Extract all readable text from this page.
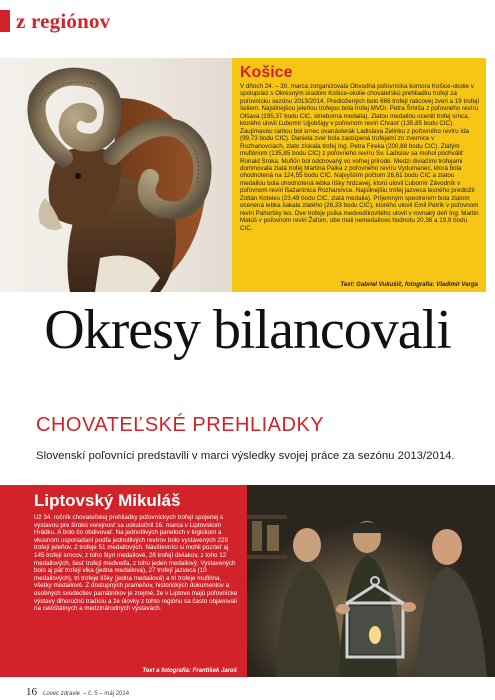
z regiónov
Košice
V dňoch 24. – 30. marca zorganizovala Obvodná poľovnícka komora Košice-okolie v spolupráci s Okresným úradom Košice-okolie chovateľskú prehliadku trofejí za poľovnícku sezónu 2013/2014. Predložených bolo 666 trofejí raticovej zveri a 19 trofejí šeliem. Najsilnejšou jeleňou trofejou bola trofej MVDr. Petra Šmrča z poľovného revíru Olšava (195,37 bodu CIC, strieborná medaila). Zlatou medailou ocenili trofej srnca, ktorého ulovil Ľubomír Ujjobšigy v poľovnom revíri Chrasť (135,85 bodu CIC). Zaujímavou raritou bol srnec ovanásterák Ladislava Zelinku z poľovného revíru Ida (99,73 bodu CIC). Daniela zver bola zastúpená trofejami zo zvernice v Rozhanovciach, zlato získala trofej Ing. Petra Fireka (200,88 bodu CIC). Zlatým muflónom (135,85 bodu CIC) z poľovného revíru Sv. Ladislav sa mohol pochváliť Ronald Sroka. Muflón bol odchovaný vo voľnej prírode. Medzi diviačími trofejami dominovala zlatá trofej Martina Palka z poľovného revíru Vydumanec, ktorá bola ohodnotená na 124,55 bodu CIC. Najvyšším počtom 26,61 bodu CIC a zlatou medailou bola ohodnotená lebka líšky hrdzavej, ktorú ulovil Ľubomír Závodník v poľovnom revíri Bažantnica Rozhanovce. Najsilnejšiu trofej jazveca lesného predložil Zoltán Koteles (23,49 bodu CIC, zlatá medaila). Príjemným spestrením bola zlatom ocenená lebka šakala zlatého (26,33 bodu CIC), ktorého ulovil Emil Petrík v poľovnom revíri Pahoršky les. Dve trofeje psíka medvedíkovitého ulovil v rovnaký deň Ing. Martin Matúš v poľovnom revíri Žaľom, obe mali nemedailovú hodnotu 20,36 a 19,9 bodu CIC.
Text: Gabriel Vukušič, fotografia: Vladimír Varga
Okresy bilancovali
CHOVATEĽSKÉ PREHLIADKY
Slovenskí poľovníci predstavili v marci výsledky svojej práce za sezónu 2013/2014.
Liptovský Mikuláš
Už 34. ročník chovateľskej prehliadky poľovníckych trofejí spojenej s výstavou pre širokú verejnosť sa uskutočnil 16. marca v Liptovskom Hrádku. A bolo čo obdivovať. Na jednotlivých paneloch v logickom a vkusnom usporiadaní podľa jednotlivých revírov bolo vystavených 228 trofejí jeleňov, 2 trofeje 51 medailových. Návštevníci si mohli pozrieť aj 145 trofejí srncov, z toho štyri medailové, 26 trofejí diviakov, z toho 12 medailových, šesť trofejí medveďa, z toho jeden medailový. Vystavených bolo aj päť trofejí vlka (jedna medailová), 27 trofejí jazveca (10 medailových), tri trofeje líšky (jedna medailová) a tri trofeje muflóna, všetky medailové. Z dostupných prameňov, historických dokumentov a osobných svedectiev pamätníkov je zrejmé, že v Liptove majú poľovnícke výstavy dlhoročnú tradíciu a že úlovky z tohto regiónu sa často objavovali na celoštátnych a medzinárodných výstavách.
Text a fotografia: František Jaroš
16 Lovec zdravie – č. 5 – máj 2014
